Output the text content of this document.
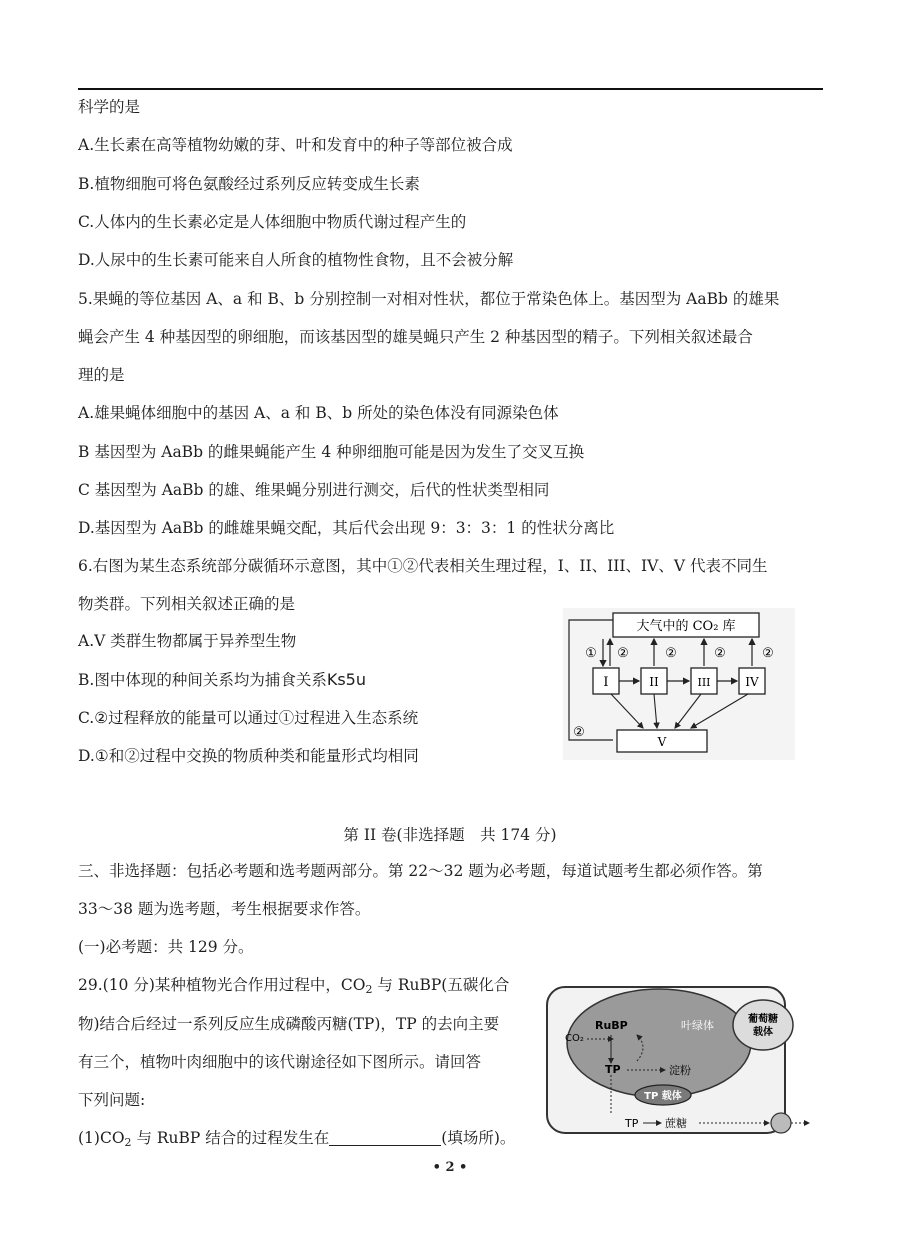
科学的是
A.生长素在高等植物幼嫩的芽、叶和发育中的种子等部位被合成
B.植物细胞可将色氨酸经过系列反应转变成生长素
C.人体内的生长素必定是人体细胞中物质代谢过程产生的
D.人尿中的生长素可能来自人所食的植物性食物，且不会被分解
5.果蝇的等位基因 A、a 和 B、b 分别控制一对相对性状，都位于常染色体上。基因型为 AaBb 的雄果
蝇会产生 4 种基因型的卵细胞，而该基因型的雄昊蝇只产生 2 种基因型的精子。下列相关叙述最合
理的是
A.雄果蝇体细胞中的基因 A、a 和 B、b 所处的染色体没有同源染色体
B 基因型为 AaBb 的雌果蝇能产生 4 种卵细胞可能是因为发生了交叉互换
C 基因型为 AaBb 的雄、维果蝇分别进行测交，后代的性状类型相同
D.基因型为 AaBb 的雌雄果蝇交配，其后代会出现 9：3：3：1 的性状分离比
6.右图为某生态系统部分碳循环示意图，其中①②代表相关生理过程，I、II、III、IV、V 代表不同生
物类群。下列相关叙述正确的是
A.V 类群生物都属于异养型生物
B.图中体现的种间关系均为捕食关系Ks5u
C.②过程释放的能量可以通过①过程进入生态系统
D.①和②过程中交换的物质种类和能量形式均相同
大气中的 CO₂ 库
I	II	III	IV
① ②	②	②	②
②
V
第 II 卷(非选择题　共 174 分)
三、非选择题：包括必考题和选考题两部分。第 22～32 题为必考题，每道试题考生都必须作答。第
33～38 题为选考题，考生根据要求作答。
(一)必考题：共 129 分。
29.(10 分)某种植物光合作用过程中，$CO_2$ 与 RuBP(五碳化合
物)结合后经过一系列反应生成磷酸丙糖(TP)，TP 的去向主要
有三个，植物叶肉细胞中的该代谢途径如下图所示。请回答
下列问题:
$(1)CO_2$ 与 RuBP 结合的过程发生在	(填场所)。
RuBP	叶绿体	葡萄糖
载体
CO₂
TP	淀粉
TP 载体
TP 蔗糖
• 2 •
